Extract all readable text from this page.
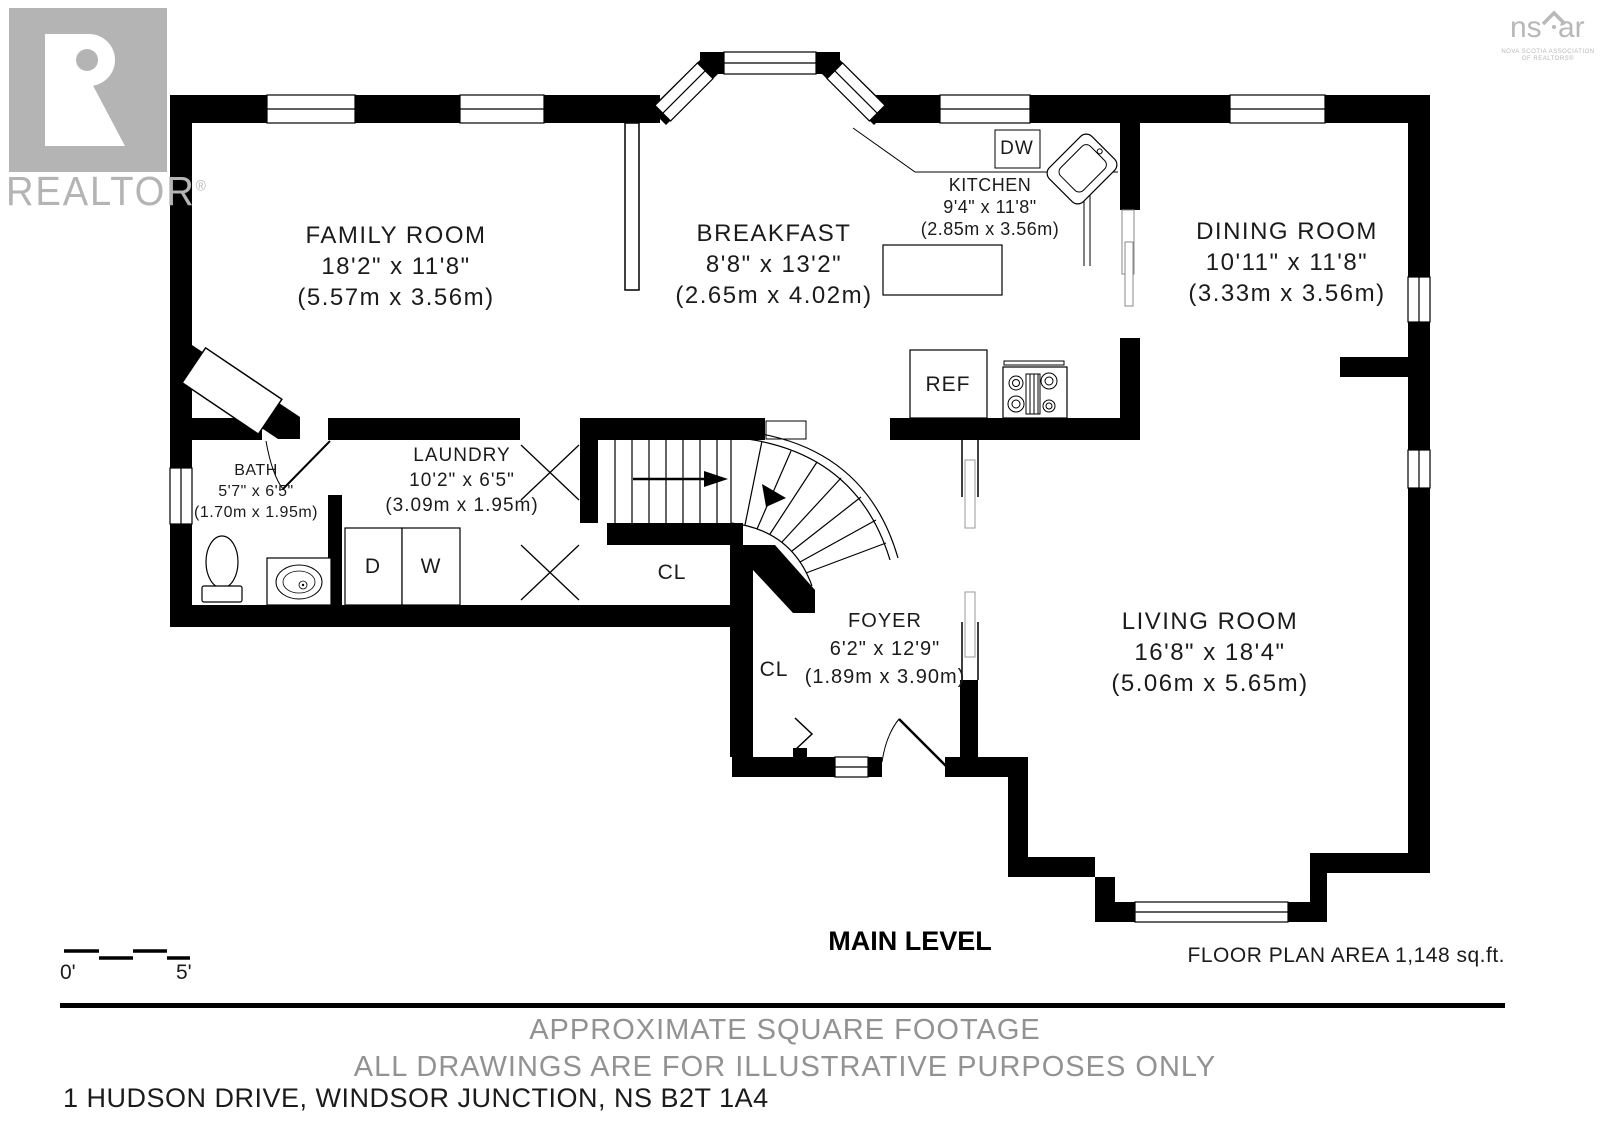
REALTOR®
ns ar
NOVA SCOTIA ASSOCIATION
OF REALTORS®
FAMILY ROOM
18'2" x 11'8"
(5.57m x 3.56m)
BREAKFAST
8'8" x 13'2"
(2.65m x 4.02m)
KITCHEN
9'4" x 11'8"
(2.85m x 3.56m)	DINING ROOM
10'11" x 11'8"
(3.33m x 3.56m)
BATH
5'7" x 6'5"
(1.70m x 1.95m)
LAUNDRY
10'2" x 6'5"
(3.09m x 1.95m)
FOYER
6'2" x 12'9"
(1.89m x 3.90m)
LIVING ROOM
16'8" x 18'4"
(5.06m x 5.65m)
DW
REF
D W	CL
CL
MAIN LEVEL
0'	5'
FLOOR PLAN AREA 1,148 sq.ft.
APPROXIMATE SQUARE FOOTAGE
ALL DRAWINGS ARE FOR ILLUSTRATIVE PURPOSES ONLY
1 HUDSON DRIVE, WINDSOR JUNCTION, NS B2T 1A4
